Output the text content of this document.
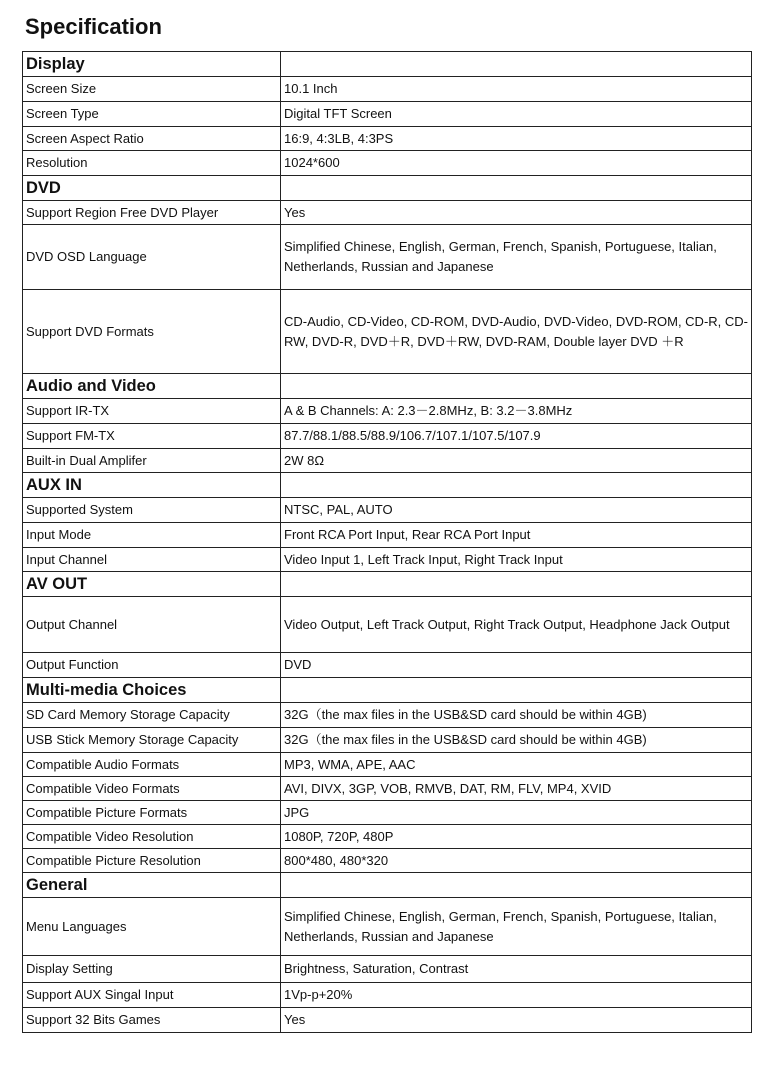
Specification
Display	
Screen Size	10.1 Inch
Screen Type	Digital TFT Screen
Screen Aspect Ratio	16:9, 4:3LB, 4:3PS
Resolution	1024*600
DVD	
Support Region Free DVD Player	Yes
DVD OSD Language	Simplified Chinese, English, German, French, Spanish, Portuguese, Italian, Netherlands, Russian and Japanese
Support DVD Formats	CD-Audio, CD-Video, CD-ROM, DVD-Audio, DVD-Video, DVD-ROM, CD-R, CD-RW, DVD-R, DVD＋R, DVD＋RW, DVD-RAM, Double layer DVD ＋R
Audio and Video	
Support IR-TX	A & B Channels: A: 2.3－2.8MHz, B: 3.2－3.8MHz
Support FM-TX	87.7/88.1/88.5/88.9/106.7/107.1/107.5/107.9
Built-in Dual Amplifer	2W 8Ω
AUX IN	
Supported System	NTSC, PAL, AUTO
Input Mode	Front RCA Port Input, Rear RCA Port Input
Input Channel	Video Input 1, Left Track Input, Right Track Input
AV OUT	
Output Channel	Video Output, Left Track Output, Right Track Output, Headphone Jack Output
Output Function	DVD
Multi-media Choices	
SD Card Memory Storage Capacity	32G（the max files in the USB&SD card should be within 4GB)
USB Stick Memory Storage Capacity	32G（the max files in the USB&SD card should be within 4GB)
Compatible Audio Formats	MP3, WMA, APE, AAC
Compatible Video Formats	AVI, DIVX, 3GP, VOB, RMVB, DAT, RM, FLV, MP4, XVID
Compatible Picture Formats	JPG
Compatible Video Resolution	1080P, 720P, 480P
Compatible Picture Resolution	800*480, 480*320
General	
Menu Languages	Simplified Chinese, English, German, French, Spanish, Portuguese, Italian, Netherlands, Russian and Japanese
Display Setting	Brightness, Saturation, Contrast
Support AUX Singal Input	1Vp-p+20%
Support 32 Bits Games	Yes
